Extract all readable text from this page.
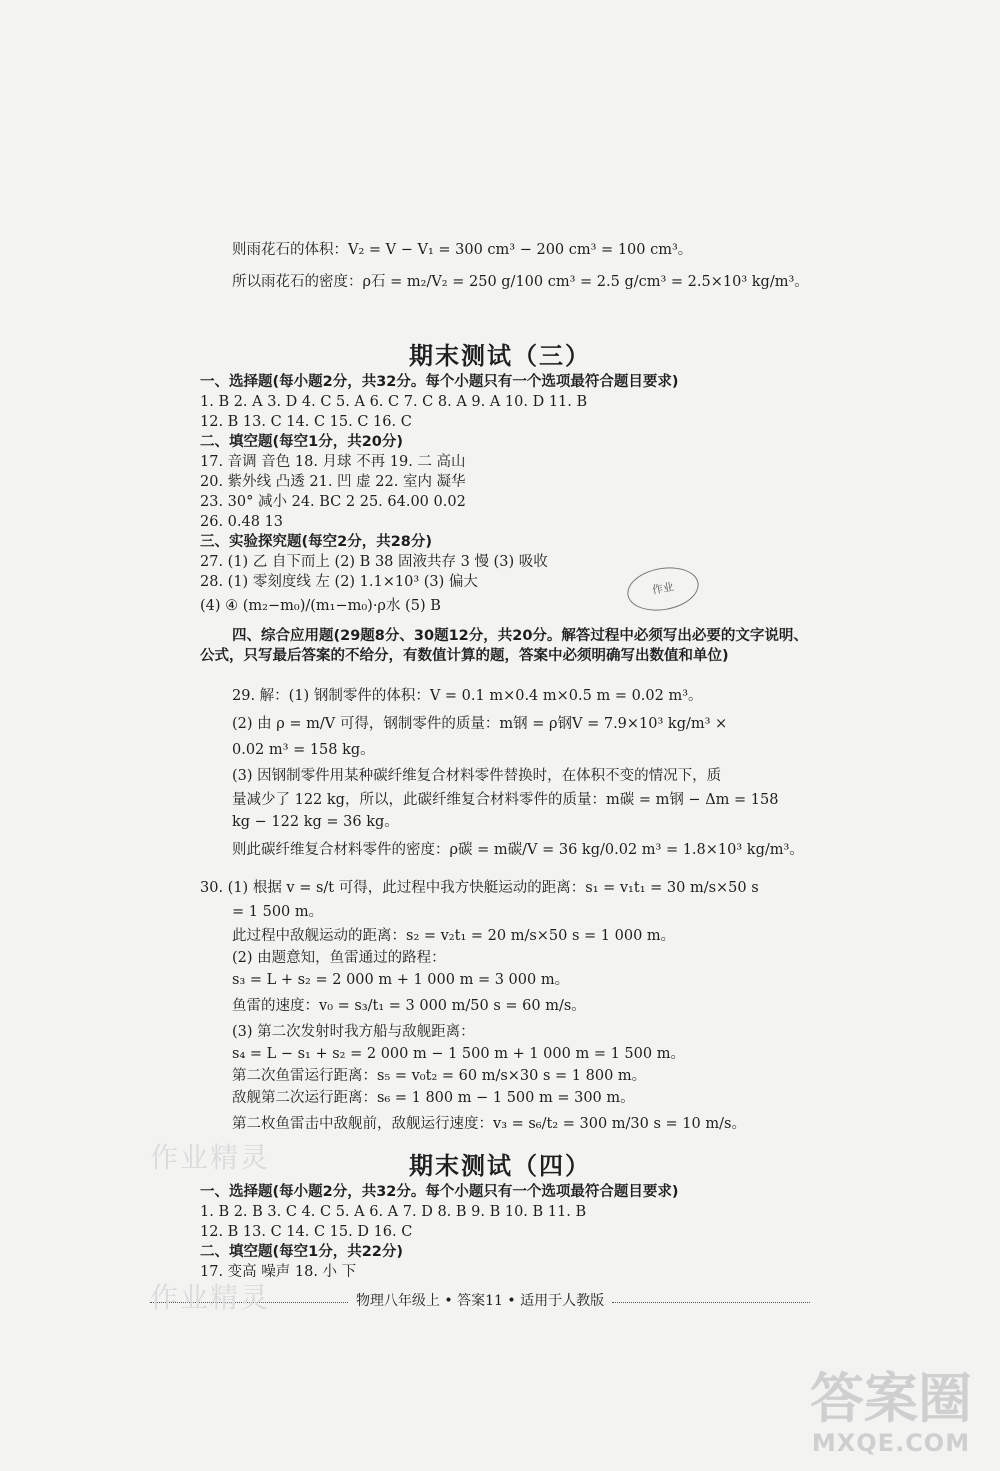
则雨花石的体积：V₂ = V − V₁ = 300 cm³ − 200 cm³ = 100 cm³。
所以雨花石的密度：ρ石 = m₂/V₂ = 250 g/100 cm³ = 2.5 g/cm³ = 2.5×10³ kg/m³。
期末测试（三）
一、选择题(每小题2分，共32分。每个小题只有一个选项最符合题目要求)
1. B 2. A 3. D 4. C 5. A 6. C 7. C 8. A 9. A 10. D 11. B
12. B 13. C 14. C 15. C 16. C
二、填空题(每空1分，共20分)
17. 音调 音色 18. 月球 不再 19. 二 高山
20. 紫外线 凸透 21. 凹 虚 22. 室内 凝华
23. 30° 减小 24. BC 2 25. 64.00 0.02
26. 0.48 13
三、实验探究题(每空2分，共28分)
27. (1) 乙 自下而上 (2) B 38 固液共存 3 慢 (3) 吸收
28. (1) 零刻度线 左 (2) 1.1×10³ (3) 偏大
(4) ④ (m₂−m₀)/(m₁−m₀)·ρ水 (5) B
作业
四、综合应用题(29题8分、30题12分，共20分。解答过程中必须写出必要的文字说明、公式，只写最后答案的不给分，有数值计算的题，答案中必须明确写出数值和单位)
29. 解：(1) 钢制零件的体积：V = 0.1 m×0.4 m×0.5 m = 0.02 m³。
(2) 由 ρ = m/V 可得，钢制零件的质量：m钢 = ρ钢V = 7.9×10³ kg/m³ ×
0.02 m³ = 158 kg。
(3) 因钢制零件用某种碳纤维复合材料零件替换时，在体积不变的情况下，质
量减少了 122 kg，所以，此碳纤维复合材料零件的质量：m碳 = m钢 − Δm = 158
kg − 122 kg = 36 kg。
则此碳纤维复合材料零件的密度：ρ碳 = m碳/V = 36 kg/0.02 m³ = 1.8×10³ kg/m³。
30. (1) 根据 v = s/t 可得，此过程中我方快艇运动的距离：s₁ = v₁t₁ = 30 m/s×50 s
= 1 500 m。
此过程中敌舰运动的距离：s₂ = v₂t₁ = 20 m/s×50 s = 1 000 m。
(2) 由题意知，鱼雷通过的路程：
s₃ = L + s₂ = 2 000 m + 1 000 m = 3 000 m。
鱼雷的速度：v₀ = s₃/t₁ = 3 000 m/50 s = 60 m/s。
(3) 第二次发射时我方船与敌舰距离：
s₄ = L − s₁ + s₂ = 2 000 m − 1 500 m + 1 000 m = 1 500 m。
第二次鱼雷运行距离：s₅ = v₀t₂ = 60 m/s×30 s = 1 800 m。
敌舰第二次运行距离：s₆ = 1 800 m − 1 500 m = 300 m。
第二枚鱼雷击中敌舰前，敌舰运行速度：v₃ = s₆/t₂ = 300 m/30 s = 10 m/s。
作业精灵	期末测试（四）
一、选择题(每小题2分，共32分。每个小题只有一个选项最符合题目要求)
1. B 2. B 3. C 4. C 5. A 6. A 7. D 8. B 9. B 10. B 11. B
12. B 13. C 14. C 15. D 16. C
二、填空题(每空1分，共22分)
17. 变高 噪声 18. 小 下
物理八年级上 • 答案11 • 适用于人教版
作业精灵
答案圈
MXQE.COM
